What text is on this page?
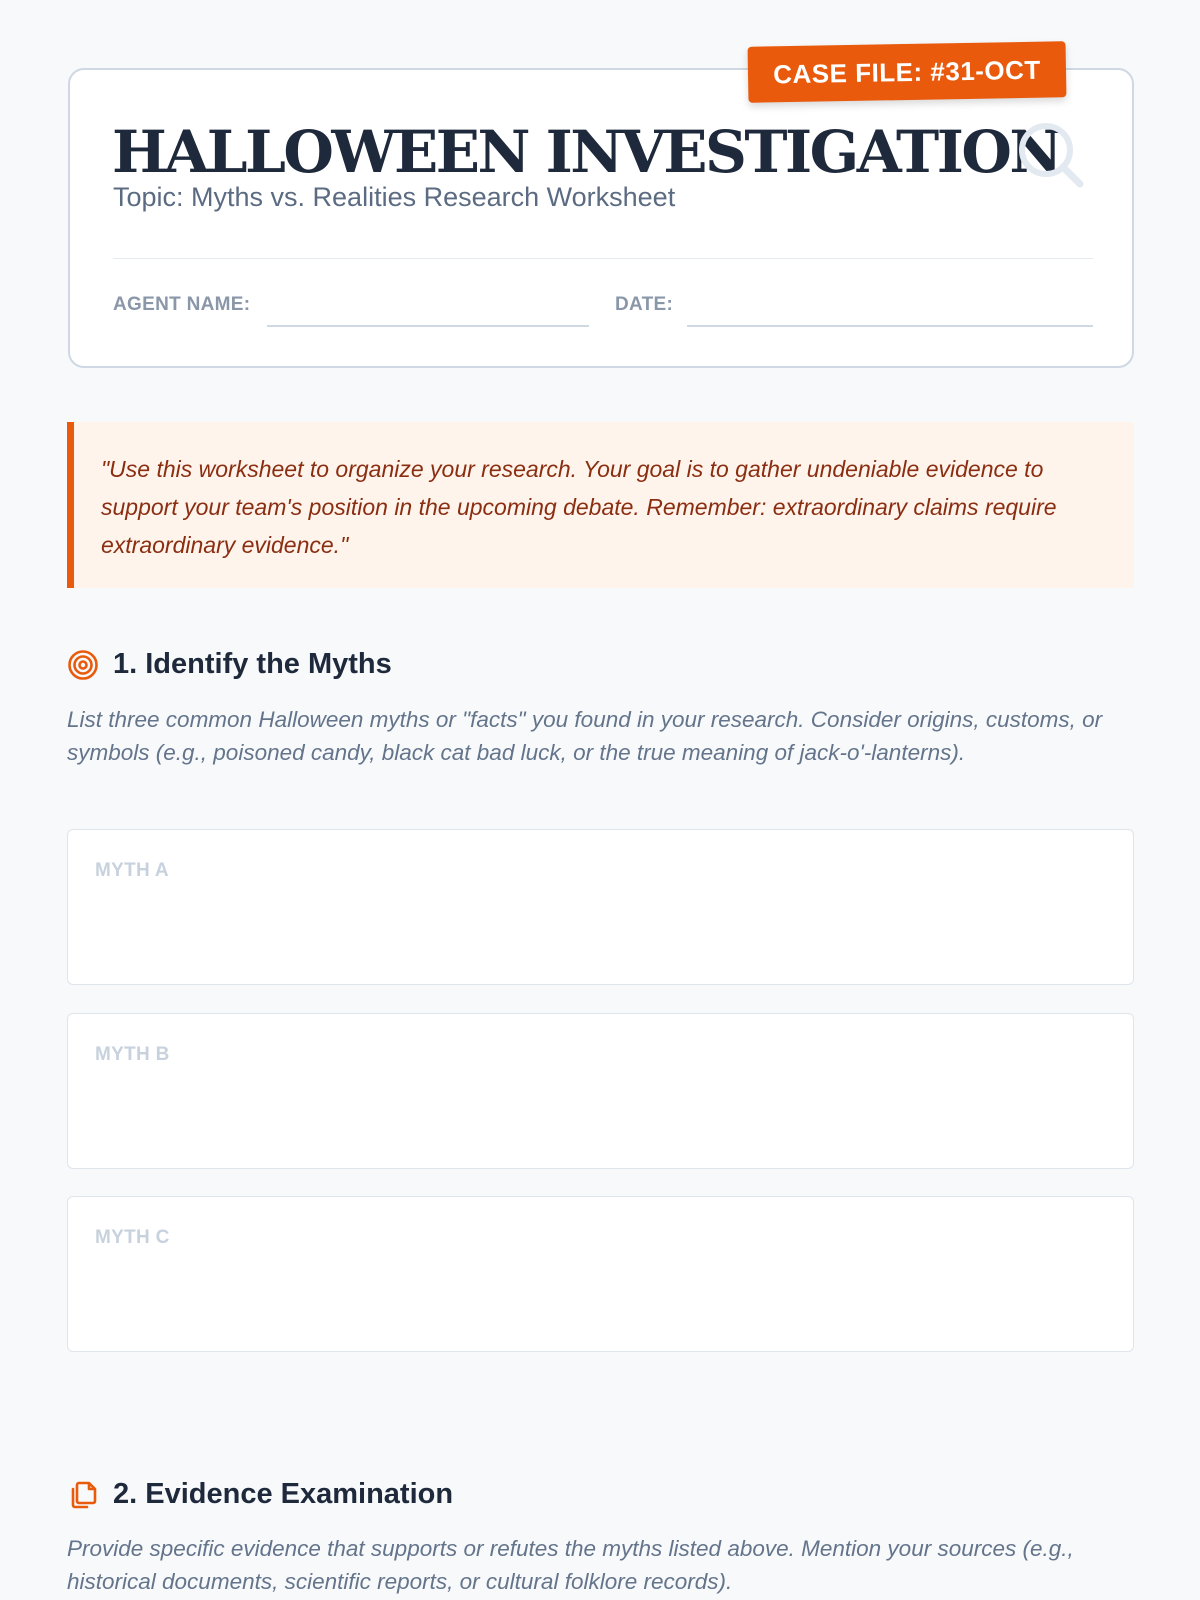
CASE FILE: #31-OCT
HALLOWEEN INVESTIGATION
Topic: Myths vs. Realities Research Worksheet
AGENT NAME:	DATE:

"Use this worksheet to organize your research. Your goal is to gather undeniable evidence to support your team's position in the upcoming debate. Remember: extraordinary claims require extraordinary evidence."

1. Identify the Myths

List three common Halloween myths or "facts" you found in your research. Consider origins, customs, or symbols (e.g., poisoned candy, black cat bad luck, or the true meaning of jack-o'-lanterns).

MYTH A
MYTH B
MYTH C
2. Evidence Examination

Provide specific evidence that supports or refutes the myths listed above. Mention your sources (e.g., historical documents, scientific reports, or cultural folklore records).
